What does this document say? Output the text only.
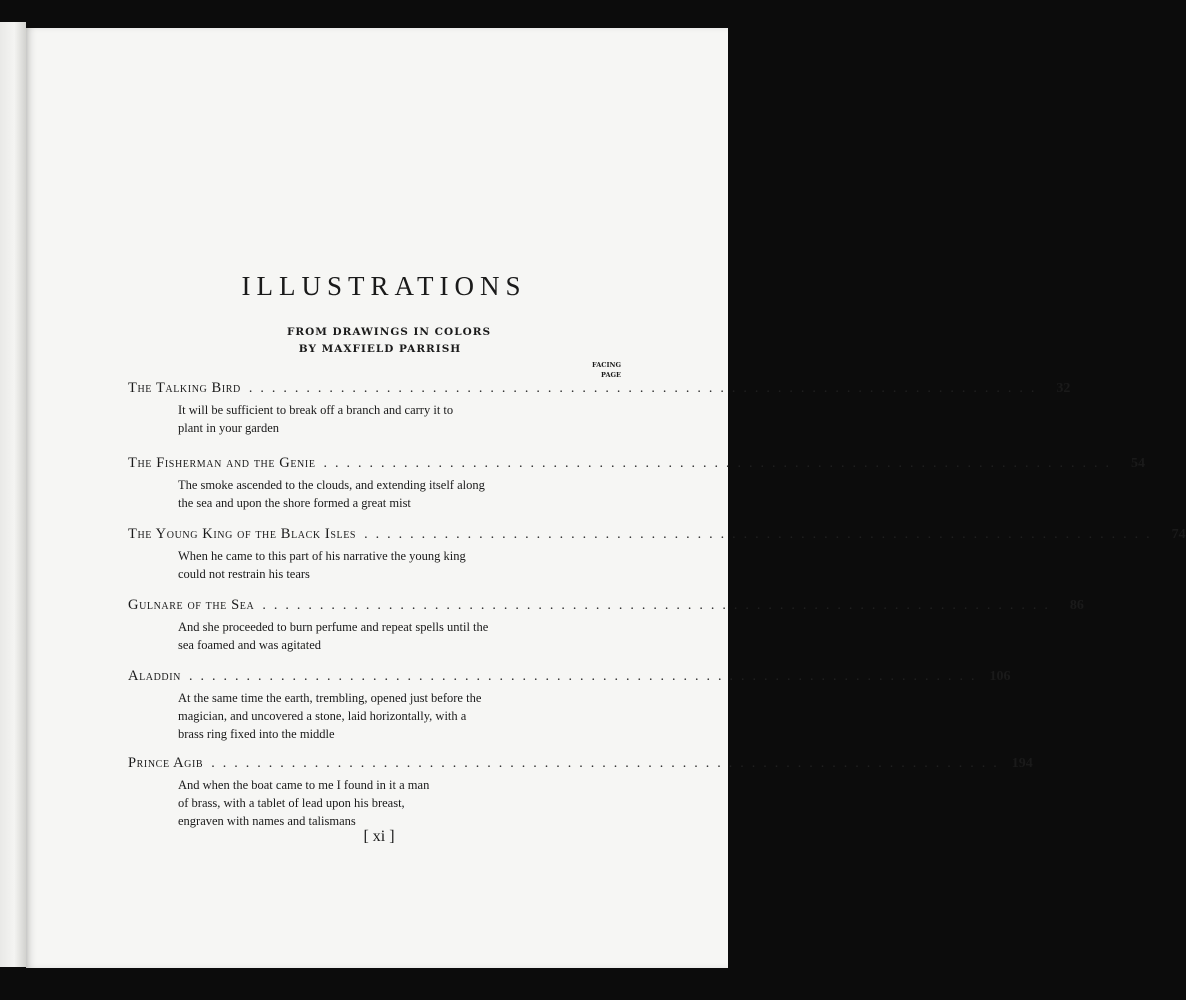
ILLUSTRATIONS
FROM DRAWINGS IN COLORS
BY MAXFIELD PARRISH
FACING
PAGE
The Talking Bird .....................................................................	32
It will be sufficient to break off a branch and carry it to
plant in your garden
The Fisherman and the Genie .....................................................................	54
The smoke ascended to the clouds, and extending itself along
the sea and upon the shore formed a great mist
The Young King of the Black Isles .....................................................................	74
When he came to this part of his narrative the young king
could not restrain his tears
Gulnare of the Sea .....................................................................	86
And she proceeded to burn perfume and repeat spells until the
sea foamed and was agitated
Aladdin ..................................................................... 106
At the same time the earth, trembling, opened just before the
magician, and uncovered a stone, laid horizontally, with a
brass ring fixed into the middle
Prince Agib ..................................................................... 194
And when the boat came to me I found in it a man
of brass, with a tablet of lead upon his breast,
engraven with names and talismans
[ xi ]
